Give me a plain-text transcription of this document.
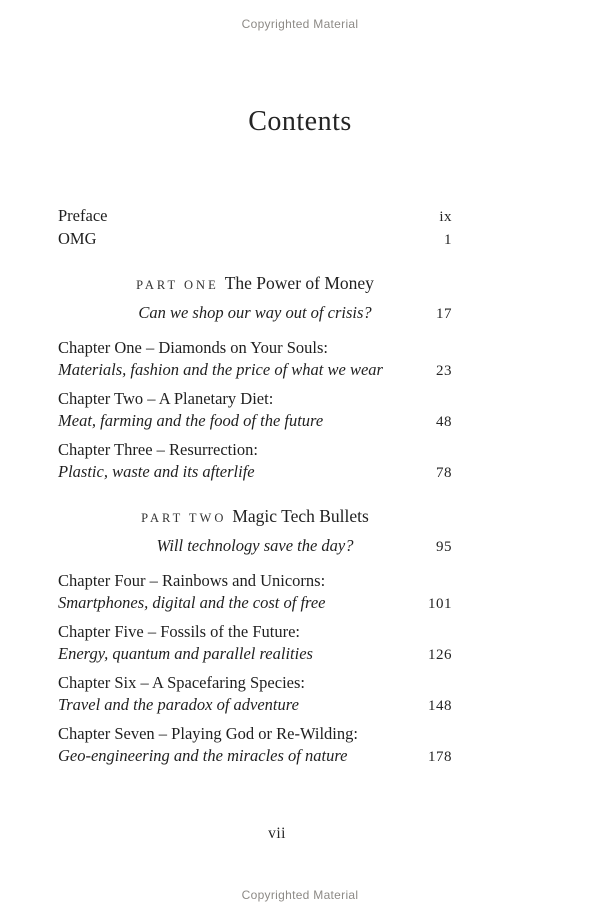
Copyrighted Material
Contents
Preface	ix
OMG	1
PART ONE The Power of Money
Can we shop our way out of crisis?	17
Chapter One – Diamonds on Your Souls:
Materials, fashion and the price of what we wear	23
Chapter Two – A Planetary Diet:
Meat, farming and the food of the future	48
Chapter Three – Resurrection:
Plastic, waste and its afterlife	78
PART TWO Magic Tech Bullets
Will technology save the day?	95
Chapter Four – Rainbows and Unicorns:
Smartphones, digital and the cost of free	101
Chapter Five – Fossils of the Future:
Energy, quantum and parallel realities	126
Chapter Six – A Spacefaring Species:
Travel and the paradox of adventure	148
Chapter Seven – Playing God or Re-Wilding:
Geo-engineering and the miracles of nature	178
vii
Copyrighted Material
